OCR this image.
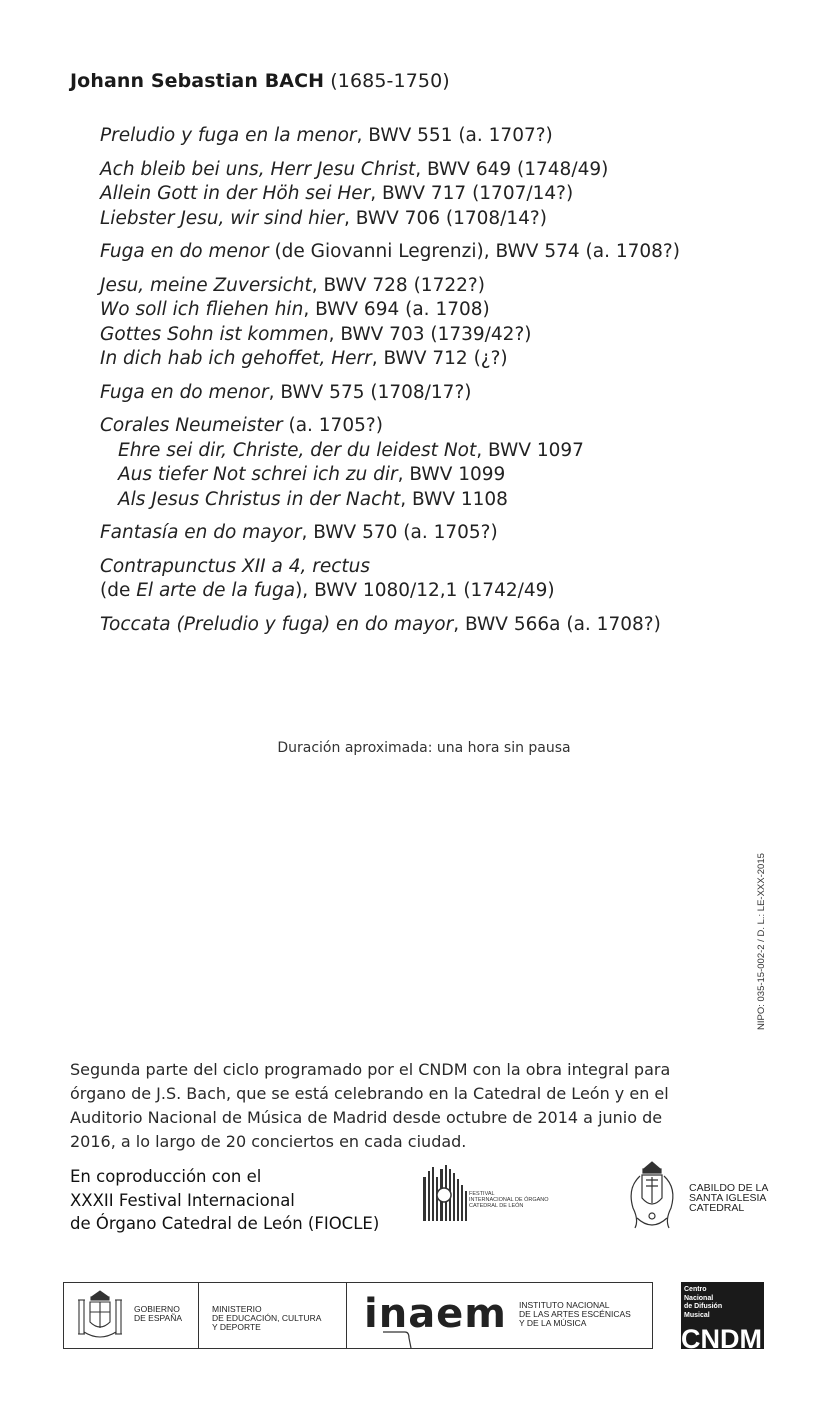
Johann Sebastian BACH (1685-1750)
Preludio y fuga en la menor, BWV 551 (a. 1707?)
Ach bleib bei uns, Herr Jesu Christ, BWV 649 (1748/49)
Allein Gott in der Höh sei Her, BWV 717 (1707/14?)
Liebster Jesu, wir sind hier, BWV 706 (1708/14?)
Fuga en do menor (de Giovanni Legrenzi), BWV 574 (a. 1708?)
Jesu, meine Zuversicht, BWV 728 (1722?)
Wo soll ich fliehen hin, BWV 694 (a. 1708)
Gottes Sohn ist kommen, BWV 703 (1739/42?)
In dich hab ich gehoffet, Herr, BWV 712 (¿?)
Fuga en do menor, BWV 575 (1708/17?)
Corales Neumeister (a. 1705?)
Ehre sei dir, Christe, der du leidest Not, BWV 1097
Aus tiefer Not schrei ich zu dir, BWV 1099
Als Jesus Christus in der Nacht, BWV 1108
Fantasía en do mayor, BWV 570 (a. 1705?)
Contrapunctus XII a 4, rectus
(de El arte de la fuga), BWV 1080/12,1 (1742/49)
Toccata (Preludio y fuga) en do mayor, BWV 566a (a. 1708?)
Duración aproximada: una hora sin pausa
NIPO: 035-15-002-2 / D. L.: LE-XXX-2015
Segunda parte del ciclo programado por el CNDM con la obra integral para órgano de J.S. Bach, que se está celebrando en la Catedral de León y en el Auditorio Nacional de Música de Madrid desde octubre de 2014 a junio de 2016, a lo largo de 20 conciertos en cada ciudad.
En coproducción con el
XXXII Festival Internacional
de Órgano Catedral de León (FIOCLE)
FESTIVAL
INTERNACIONAL DE ÓRGANO
CATEDRAL DE LEÓN
CABILDO DE LA
SANTA IGLESIA
CATEDRAL
GOBIERNO
DE ESPAÑA
MINISTERIO
DE EDUCACIÓN, CULTURA
Y DEPORTE	inaem INSTITUTO NACIONAL
DE LAS ARTES ESCÉNICAS
Y DE LA MÚSICA
Centro
Nacional
de Difusión
Musical
CNDM
